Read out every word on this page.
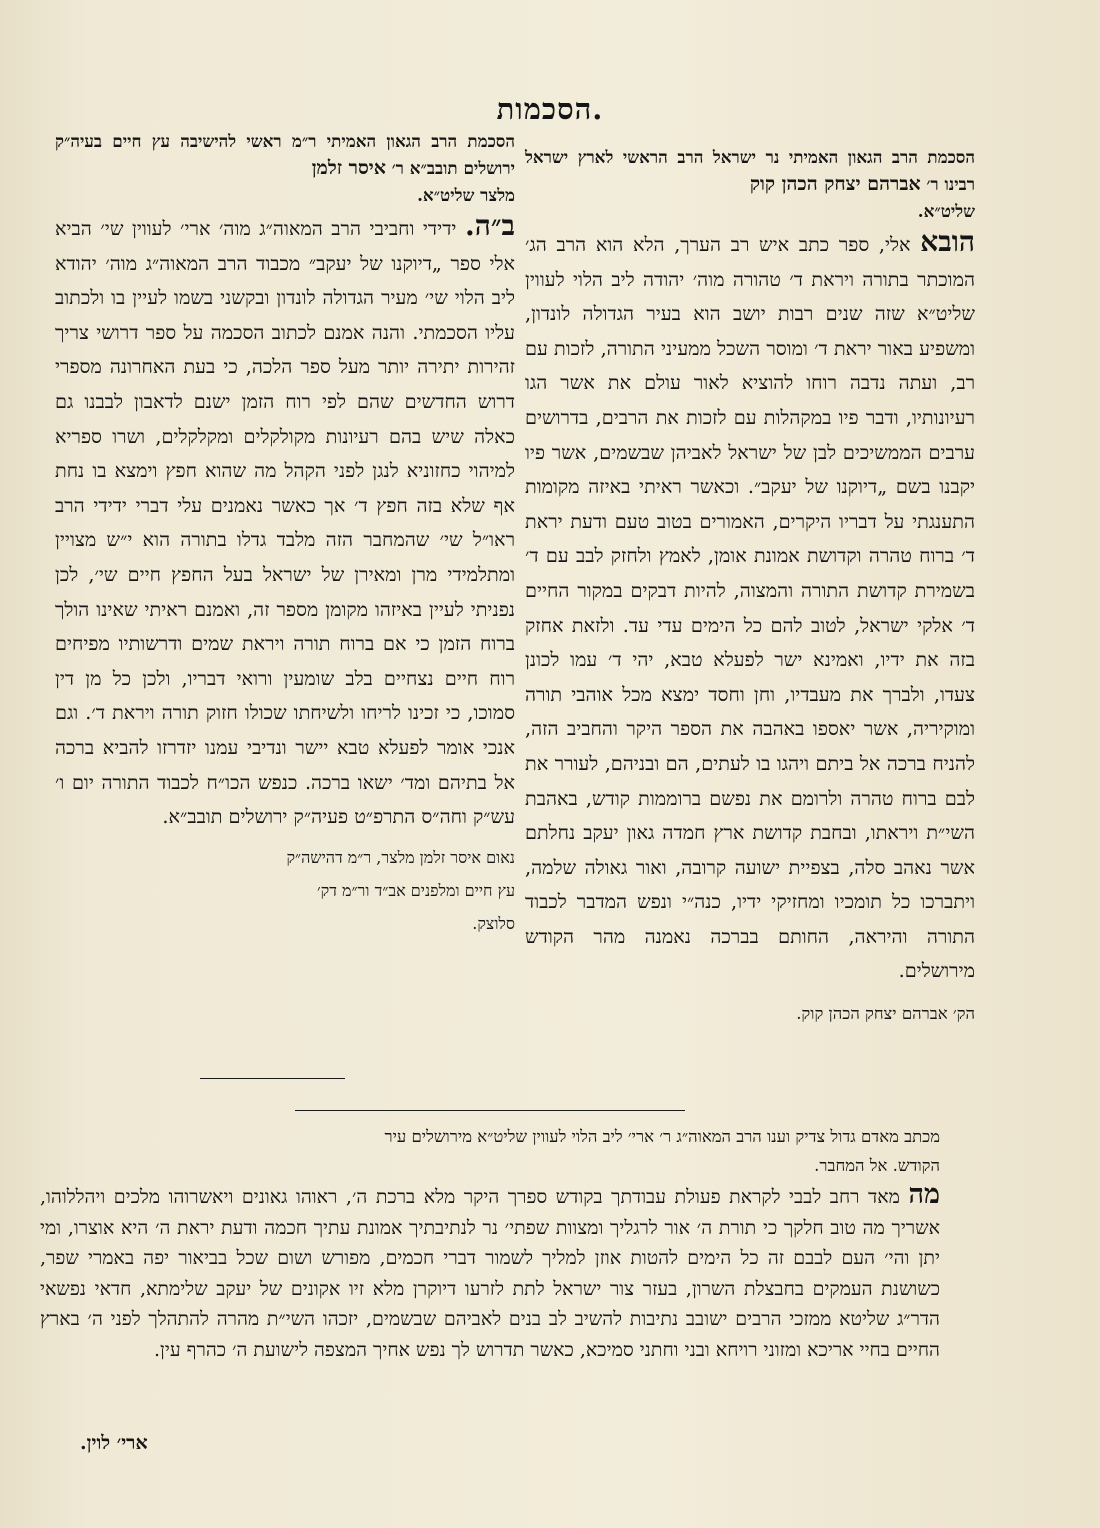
הסכמות.
הסכמת הרב הגאון האמיתי נר ישראל הרב הראשי לארץ ישראל רבינו ר׳ אברהם יצחק הכהן קוק
שליט״א.
הובא אלי, ספר כתב איש רב הערך, הלא הוא הרב הג׳ המוכתר בתורה ויראת ד׳ טהורה מוה׳ יהודה ליב הלוי לעווין שליט״א שזה שנים רבות יושב הוא בעיר הגדולה לונדון, ומשפיע באור יראת ד׳ ומוסר השכל ממעיני התורה, לזכות עם רב, ועתה נדבה רוחו להוציא לאור עולם את אשר הגו רעיונותיו, ודבר פיו במקהלות עם לזכות את הרבים, בדרושים ערבים הממשיכים לבן של ישראל לאביהן שבשמים, אשר פיו יקבנו בשם „דיוקנו של יעקב״. וכאשר ראיתי באיזה מקומות התענגתי על דבריו היקרים, האמורים בטוב טעם ודעת יראת ד׳ ברוח טהרה וקדושת אמונת אומן, לאמץ ולחזק לבב עם ד׳ בשמירת קדושת התורה והמצוה, להיות דבקים במקור החיים ד׳ אלקי ישראל, לטוב להם כל הימים עדי עד. ולזאת אחזק בזה את ידיו, ואמינא ישר לפעלא טבא, יהי ד׳ עמו לכונן צעדו, ולברך את מעבדיו, וחן וחסד ימצא מכל אוהבי תורה ומוקיריה, אשר יאספו באהבה את הספר היקר והחביב הזה, להניח ברכה אל ביתם ויהגו בו לעתים, הם ובניהם, לעורר את לבם ברוח טהרה ולרומם את נפשם ברוממות קודש, באהבת השי״ת ויראתו, ובחבת קדושת ארץ חמדה גאון יעקב נחלתם אשר נאהב סלה, בצפיית ישועה קרובה, ואור גאולה שלמה, ויתברכו כל תומכיו ומחזיקי ידיו, כנה״י ונפש המדבר לכבוד התורה והיראה, החותם בברכה נאמנה מהר הקודש מירושלים.
הק׳ אברהם יצחק הכהן קוק.
הסכמת הרב הגאון האמיתי ר״מ ראשי להישיבה עץ חיים בעיה״ק ירושלים תובב״א ר׳ איסר זלמן
מלצר שליט״א.
ב״ה. ידידי וחביבי הרב המאוה״ג מוה׳ ארי׳ לעווין שי׳ הביא אלי ספר „דיוקנו של יעקב״ מכבוד הרב המאוה״ג מוה׳ יהודא ליב הלוי שי׳ מעיר הגדולה לונדון ובקשני בשמו לעיין בו ולכתוב עליו הסכמתי. והנה אמנם לכתוב הסכמה על ספר דרושי צריך זהירות יתירה יותר מעל ספר הלכה, כי בעת האחרונה מספרי דרוש החדשים שהם לפי רוח הזמן ישנם לדאבון לבבנו גם כאלה שיש בהם רעיונות מקולקלים ומקלקלים, ושרו ספריא למיהוי כחזוניא לנגן לפני הקהל מה שהוא חפץ וימצא בו נחת אף שלא בזה חפץ ד׳ אך כאשר נאמנים עלי דברי ידידי הרב ראו״ל שי׳ שהמחבר הזה מלבד גדלו בתורה הוא י״ש מצויין ומתלמידי מרן ומאירן של ישראל בעל החפץ חיים שי׳, לכן נפניתי לעיין באיזהו מקומן מספר זה, ואמנם ראיתי שאינו הולך ברוח הזמן כי אם ברוח תורה ויראת שמים ודרשותיו מפיחים רוח חיים נצחיים בלב שומעין ורואי דבריו, ולכן כל מן דין סמוכו, כי זכינו לריחו ולשיחתו שכולו חזוק תורה ויראת ד׳. וגם אנכי אומר לפעלא טבא יישר ונדיבי עמנו יזדרזו להביא ברכה אל בתיהם ומד׳ ישאו ברכה. כנפש הכו״ח לכבוד התורה יום ו׳ עש״ק וחה״ס התרפ״ט פעיה״ק ירושלים תובב״א.
נאום איסר זלמן מלצר, ר״מ דהישה״ק
עץ חיים ומלפנים אב״ד ור״מ דק׳
סלוצק.
מכתב מאדם גדול צדיק וענו הרב המאוה״ג ר׳ ארי׳ ליב הלוי לעווין שליט״א מירושלים עיר
הקודש. אל המחבר.
מה מאד רחב לבבי לקראת פעולת עבודתך בקודש ספרך היקר מלא ברכת ה׳, ראוהו גאונים ויאשרוהו מלכים ויהללוהו, אשריך מה טוב חלקך כי תורת ה׳ אור לרגליך ומצוות שפתי׳ נר לנתיבתיך אמונת עתיך חכמה ודעת יראת ה׳ היא אוצרו, ומי יתן והי׳ העם לבבם זה כל הימים להטות אוזן למליך לשמור דברי חכמים, מפורש ושום שכל בביאור יפה באמרי שפר, כשושנת העמקים בחבצלת השרון, בעזר צור ישראל לתת לזרעו דיוקרן מלא זיו אקונים של יעקב שלימתא, חדאי נפשאי הדר״ג שליטא ממזכי הרבים ישובב נתיבות להשיב לב בנים לאביהם שבשמים, יזכהו השי״ת מהרה להתהלך לפני ה׳ בארץ החיים בחיי אריכא ומזוני רויחא ובני וחתני סמיכא, כאשר תדרוש לך נפש אחיך המצפה לישועת ה׳ כהרף עין.
ארי׳ לוין.
